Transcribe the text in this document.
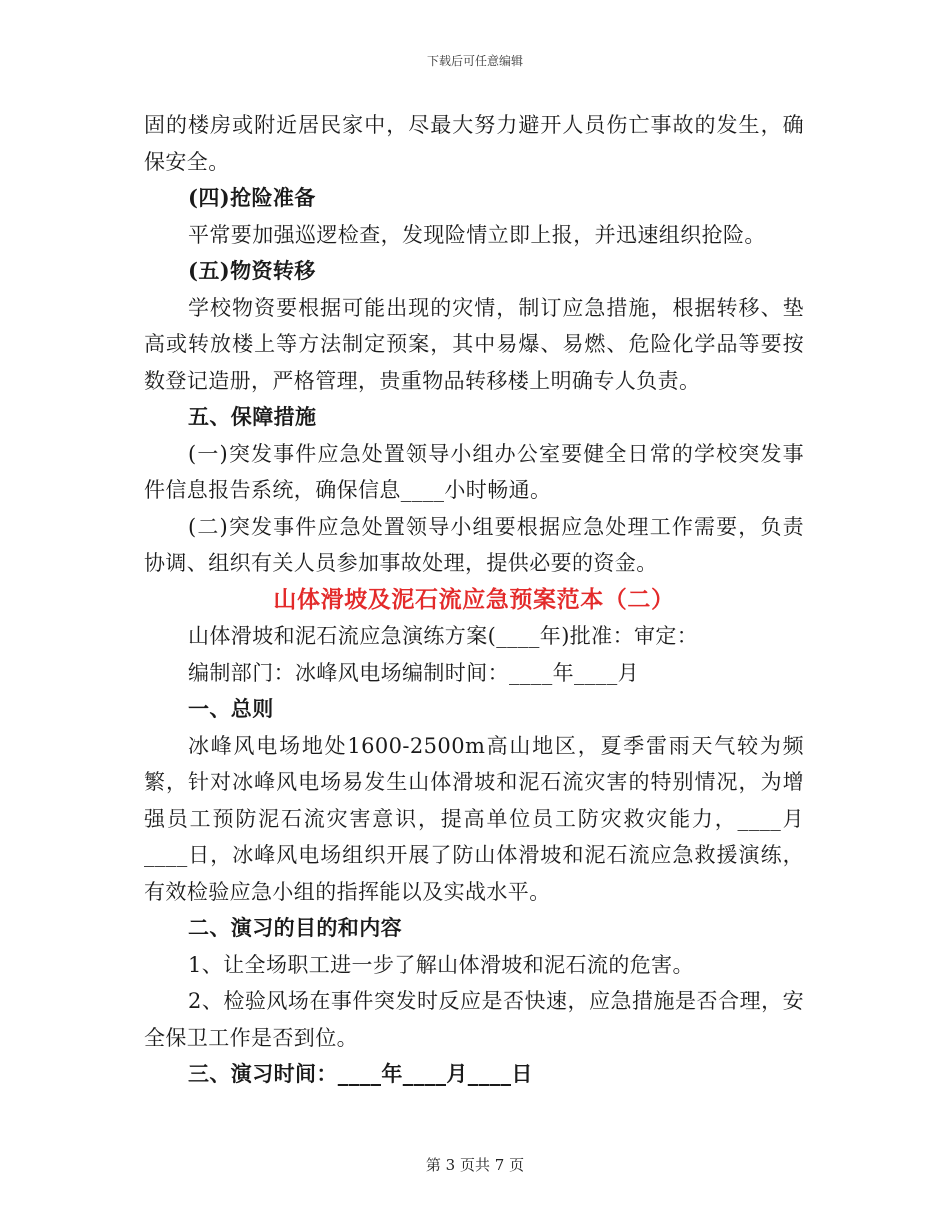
下载后可任意编辑

固的楼房或附近居民家中，尽最大努力避开人员伤亡事故的发生，确保安全。

(四)抢险准备

平常要加强巡逻检查，发现险情立即上报，并迅速组织抢险。

(五)物资转移

学校物资要根据可能出现的灾情，制订应急措施，根据转移、垫高或转放楼上等方法制定预案，其中易爆、易燃、危险化学品等要按数登记造册，严格管理，贵重物品转移楼上明确专人负责。

五、保障措施

(一)突发事件应急处置领导小组办公室要健全日常的学校突发事件信息报告系统，确保信息____小时畅通。

(二)突发事件应急处置领导小组要根据应急处理工作需要，负责协调、组织有关人员参加事故处理，提供必要的资金。

山体滑坡及泥石流应急预案范本（二）

山体滑坡和泥石流应急演练方案(____年)批准：审定：

编制部门：冰峰风电场编制时间：____年____月

一、总则

冰峰风电场地处1600-2500m高山地区，夏季雷雨天气较为频繁，针对冰峰风电场易发生山体滑坡和泥石流灾害的特别情况，为增强员工预防泥石流灾害意识，提高单位员工防灾救灾能力，____月____日，冰峰风电场组织开展了防山体滑坡和泥石流应急救援演练，有效检验应急小组的指挥能以及实战水平。

二、演习的目的和内容

1、让全场职工进一步了解山体滑坡和泥石流的危害。

2、检验风场在事件突发时反应是否快速，应急措施是否合理，安全保卫工作是否到位。

三、演习时间：____年____月____日

第 3 页共 7 页
